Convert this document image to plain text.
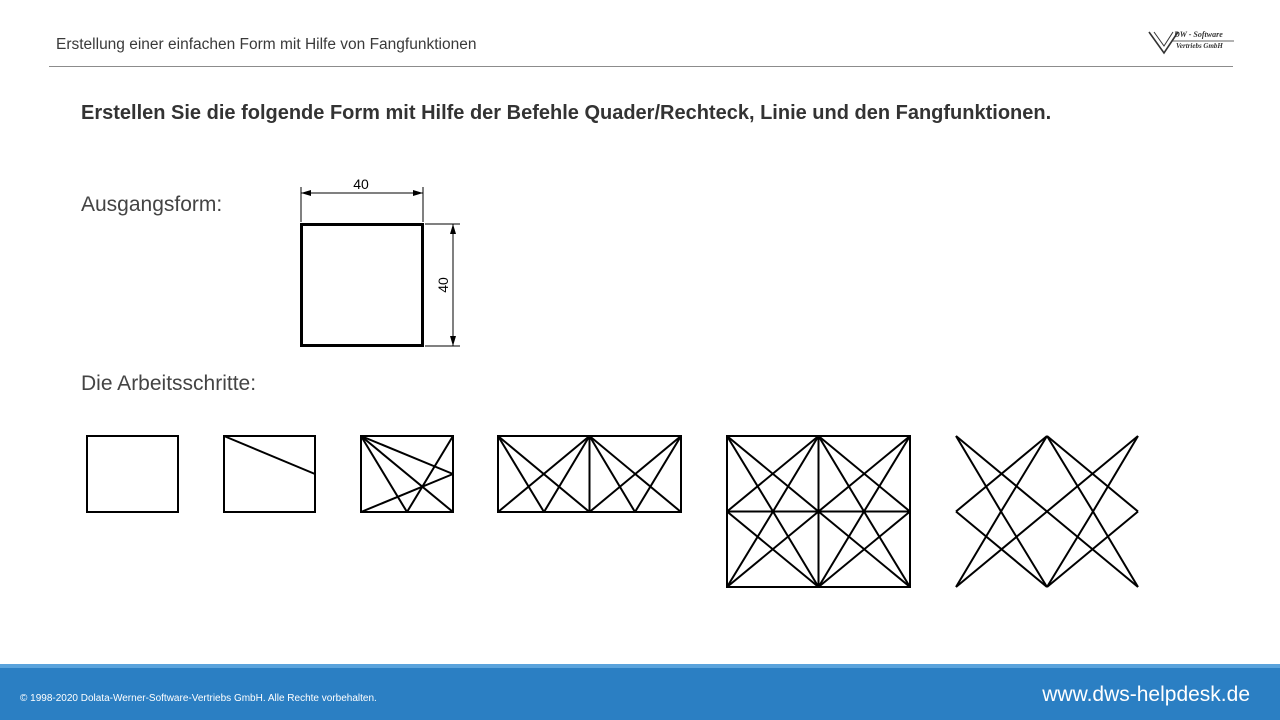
Erstellung einer einfachen Form mit Hilfe von Fangfunktionen
DW - Software
Vertriebs GmbH
Erstellen Sie die folgende Form mit Hilfe der Befehle Quader/Rechteck, Linie und den Fangfunktionen.
Ausgangsform:
Die Arbeitsschritte:
40
40
© 1998-2020 Dolata-Werner-Software-Vertriebs GmbH. Alle Rechte vorbehalten.	www.dws-helpdesk.de
